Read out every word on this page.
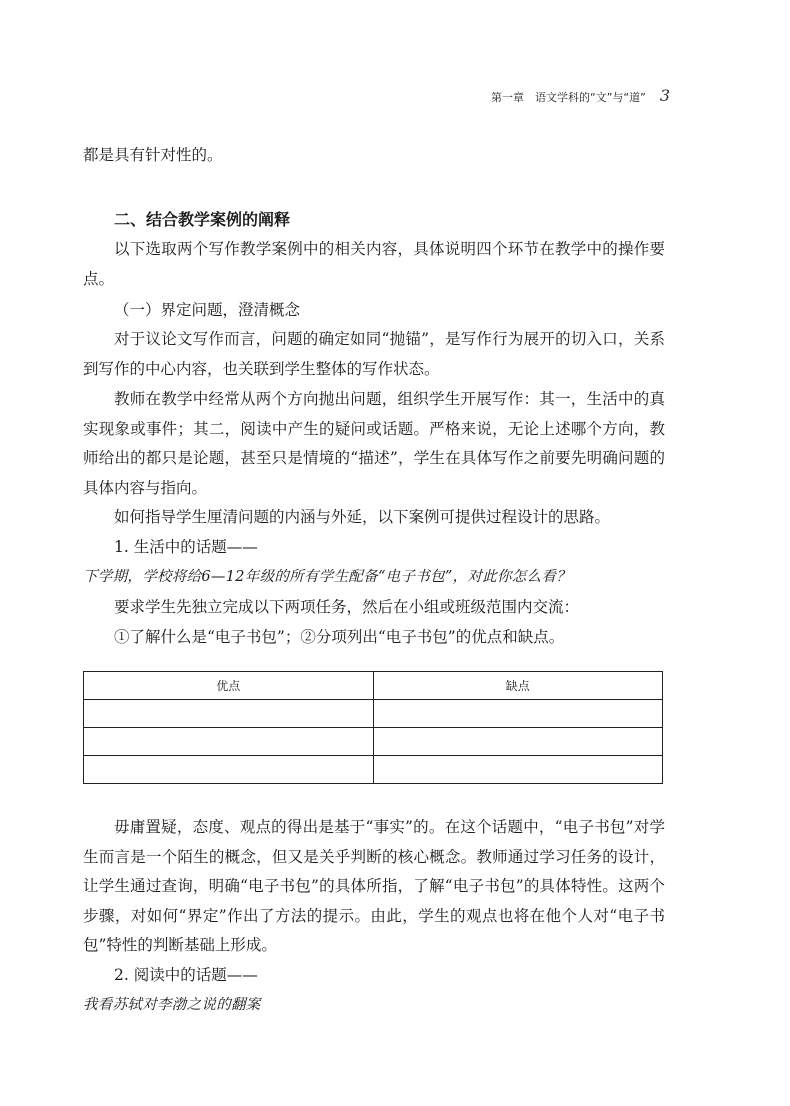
第一章　语文学科的“文”与“道” 3

都是具有针对性的。

二、结合教学案例的阐释

以下选取两个写作教学案例中的相关内容，具体说明四个环节在教学中的操作要点。

（一）界定问题，澄清概念

对于议论文写作而言，问题的确定如同“抛锚”，是写作行为展开的切入口，关系到写作的中心内容，也关联到学生整体的写作状态。

教师在教学中经常从两个方向抛出问题，组织学生开展写作：其一，生活中的真实现象或事件；其二，阅读中产生的疑问或话题。严格来说，无论上述哪个方向，教师给出的都只是论题，甚至只是情境的“描述”，学生在具体写作之前要先明确问题的具体内容与指向。

如何指导学生厘清问题的内涵与外延，以下案例可提供过程设计的思路。

1. 生活中的话题——

下学期，学校将给6—12年级的所有学生配备“电子书包”，对此你怎么看？

要求学生先独立完成以下两项任务，然后在小组或班级范围内交流：

①了解什么是“电子书包”；②分项列出“电子书包”的优点和缺点。

优点	缺点

毋庸置疑，态度、观点的得出是基于“事实”的。在这个话题中，“电子书包”对学生而言是一个陌生的概念，但又是关乎判断的核心概念。教师通过学习任务的设计，让学生通过查询，明确“电子书包”的具体所指，了解“电子书包”的具体特性。这两个步骤，对如何“界定”作出了方法的提示。由此，学生的观点也将在他个人对“电子书包”特性的判断基础上形成。

2. 阅读中的话题——

我看苏轼对李渤之说的翻案
